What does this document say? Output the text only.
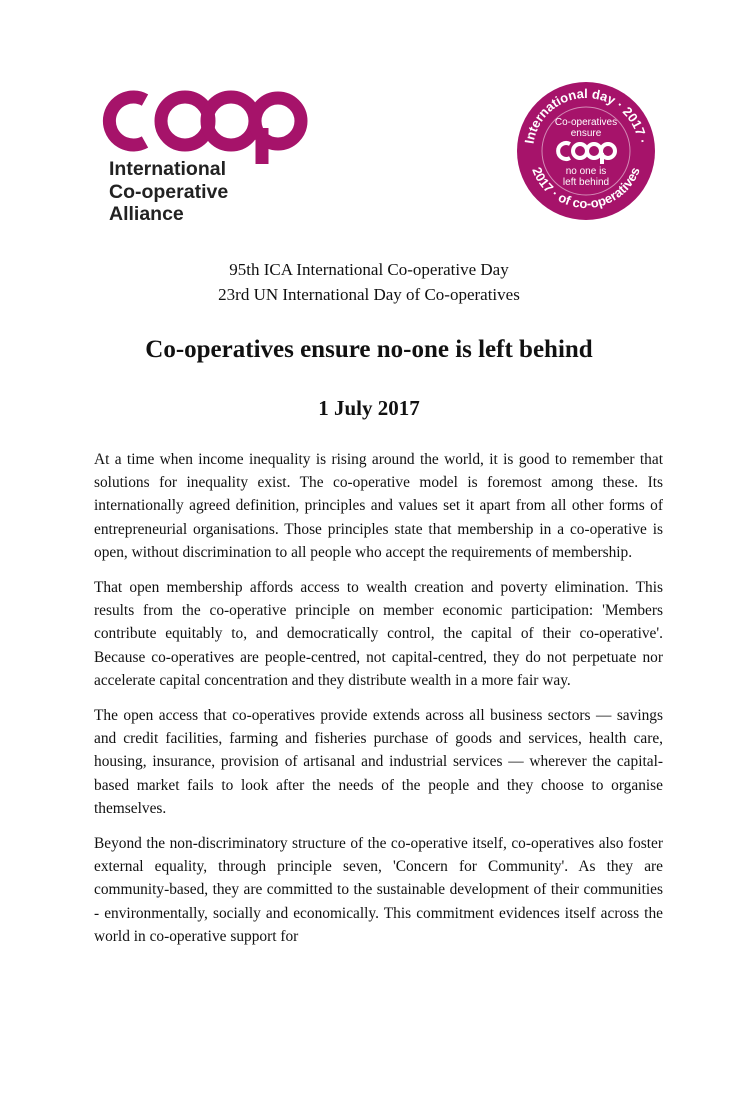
International
Co-operative
Alliance
International day · 2017 ·
2017 · of co-operatives
Co-operatives
ensure
no one is
left behind
95th ICA International Co-operative Day
23rd UN International Day of Co-operatives
Co-operatives ensure no-one is left behind
1 July 2017

At a time when income inequality is rising around the world, it is good to remember that solutions for inequality exist. The co-operative model is foremost among these. Its internationally agreed definition, principles and values set it apart from all other forms of entrepreneurial organisations. Those principles state that membership in a co-operative is open, without discrimination to all people who accept the requirements of membership.

That open membership affords access to wealth creation and poverty elimination. This results from the co-operative principle on member economic participation: 'Members contribute equitably to, and democratically control, the capital of their co-operative'. Because co-operatives are people-centred, not capital-centred, they do not perpetuate nor accelerate capital concentration and they distribute wealth in a more fair way.

The open access that co-operatives provide extends across all business sectors — savings and credit facilities, farming and fisheries purchase of goods and services, health care, housing, insurance, provision of artisanal and industrial services — wherever the capital-based market fails to look after the needs of the people and they choose to organise themselves.

Beyond the non-discriminatory structure of the co-operative itself, co-operatives also foster external equality, through principle seven, 'Concern for Community'. As they are community-based, they are committed to the sustainable development of their communities - environmentally, socially and economically. This commitment evidences itself across the world in co-operative support for
